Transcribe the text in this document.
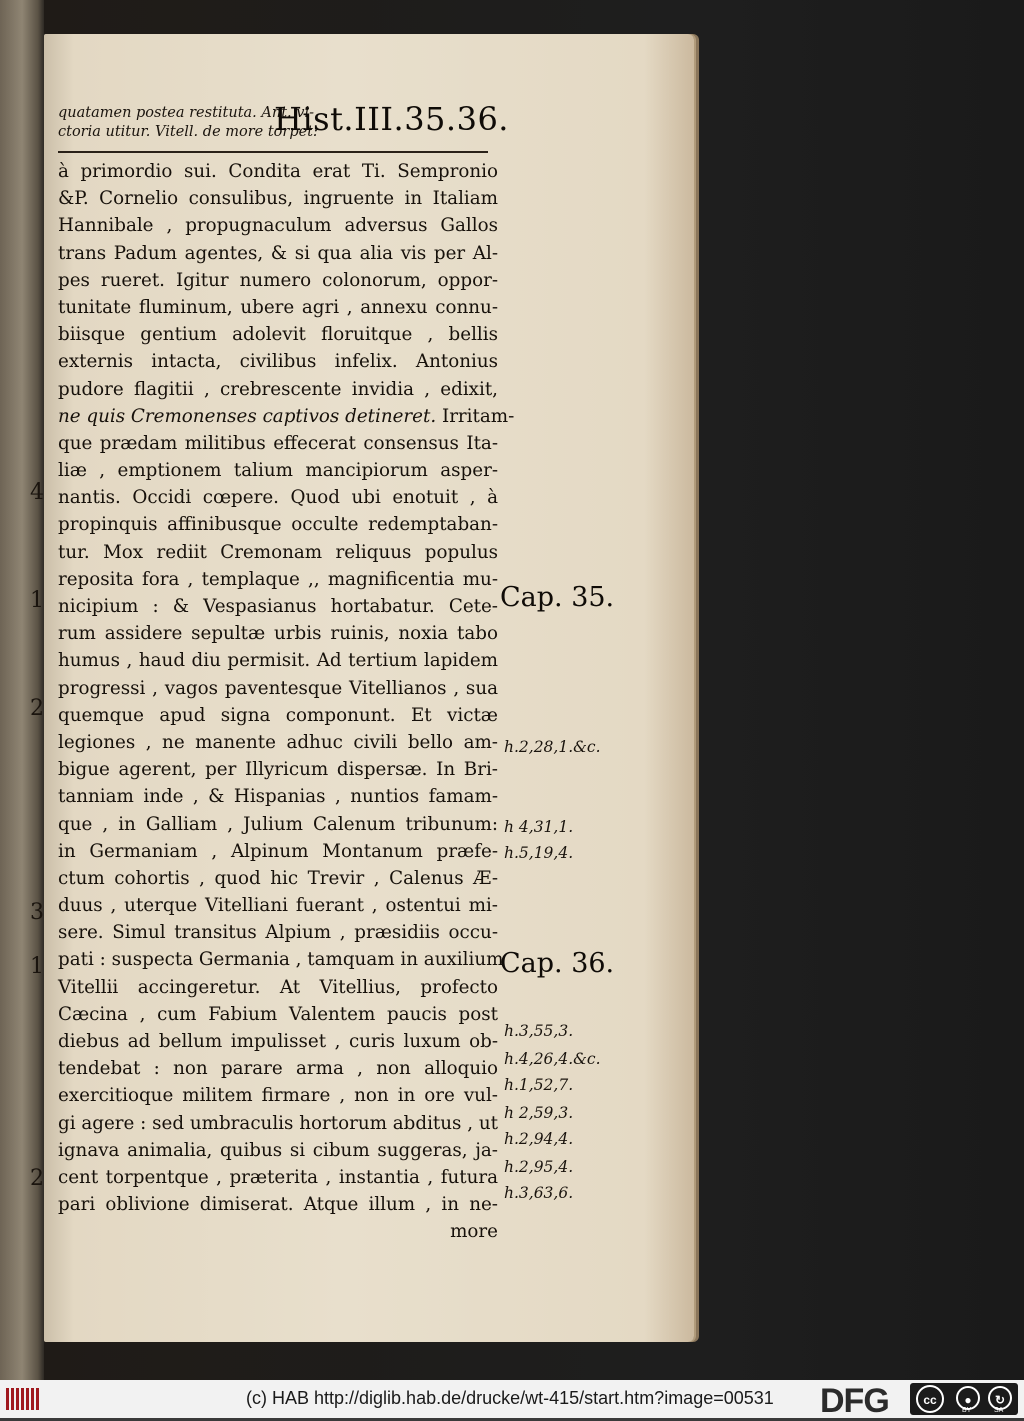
quatamen postea restituta. Ant. vi-
ctoria utitur. Vitell. de more torpet:
Hist.III.35.36.
à primordio sui. Condita erat Ti. Sempronio
&P. Cornelio consulibus, ingruente in Italiam
Hannibale , propugnaculum adversus Gallos
trans Padum agentes, & si qua alia vis per Al-
pes rueret. Igitur numero colonorum, oppor-
tunitate fluminum, ubere agri , annexu connu-
biisque gentium adolevit floruitque , bellis
externis intacta, civilibus infelix. Antonius
pudore flagitii , crebrescente invidia , edixit,
ne quis Cremonenses captivos detineret. Irritam-
que prædam militibus effecerat consensus Ita-
liæ , emptionem talium mancipiorum asper-
nantis. Occidi cœpere. Quod ubi enotuit , à
propinquis affinibusque occulte redemptaban-
tur. Mox rediit Cremonam reliquus populus
reposita fora , templaque ,, magnificentia mu-
nicipium : & Vespasianus hortabatur. Cete-
rum assidere sepultæ urbis ruinis, noxia tabo
humus , haud diu permisit. Ad tertium lapidem
progressi , vagos paventesque Vitellianos , sua
quemque apud signa componunt. Et victæ
legiones , ne manente adhuc civili bello am-
bigue agerent, per Illyricum dispersæ. In Bri-
tanniam inde , & Hispanias , nuntios famam-
que , in Galliam , Julium Calenum tribunum:
in Germaniam , Alpinum Montanum præfe-
ctum cohortis , quod hic Trevir , Calenus Æ-
duus , uterque Vitelliani fuerant , ostentui mi-
sere. Simul transitus Alpium , præsidiis occu-
pati : suspecta Germania , tamquam in auxilium
Vitellii accingeretur. At Vitellius, profecto
Cæcina , cum Fabium Valentem paucis post
diebus ad bellum impulisset , curis luxum ob-
tendebat : non parare arma , non alloquio
exercitioque militem firmare , non in ore vul-
gi agere : sed umbraculis hortorum abditus , ut
ignava animalia, quibus si cibum suggeras, ja-
cent torpentque , præterita , instantia , futura
pari oblivione dimiserat. Atque illum , in ne-
more
Cap. 35.
Cap. 36.
h.2,28,1.&c.
h 4,31,1.
h.5,19,4.
h.3,55,3.
h.4,26,4.&c.
h.1,52,7.
h 2,59,3.
h.2,94,4.
h.2,95,4.
h.3,63,6.
4
1
2
3
1
2
(c) HAB http://diglib.hab.de/drucke/wt-415/start.htm?image=00531 DFG	cc	●	↻
BY	SA
